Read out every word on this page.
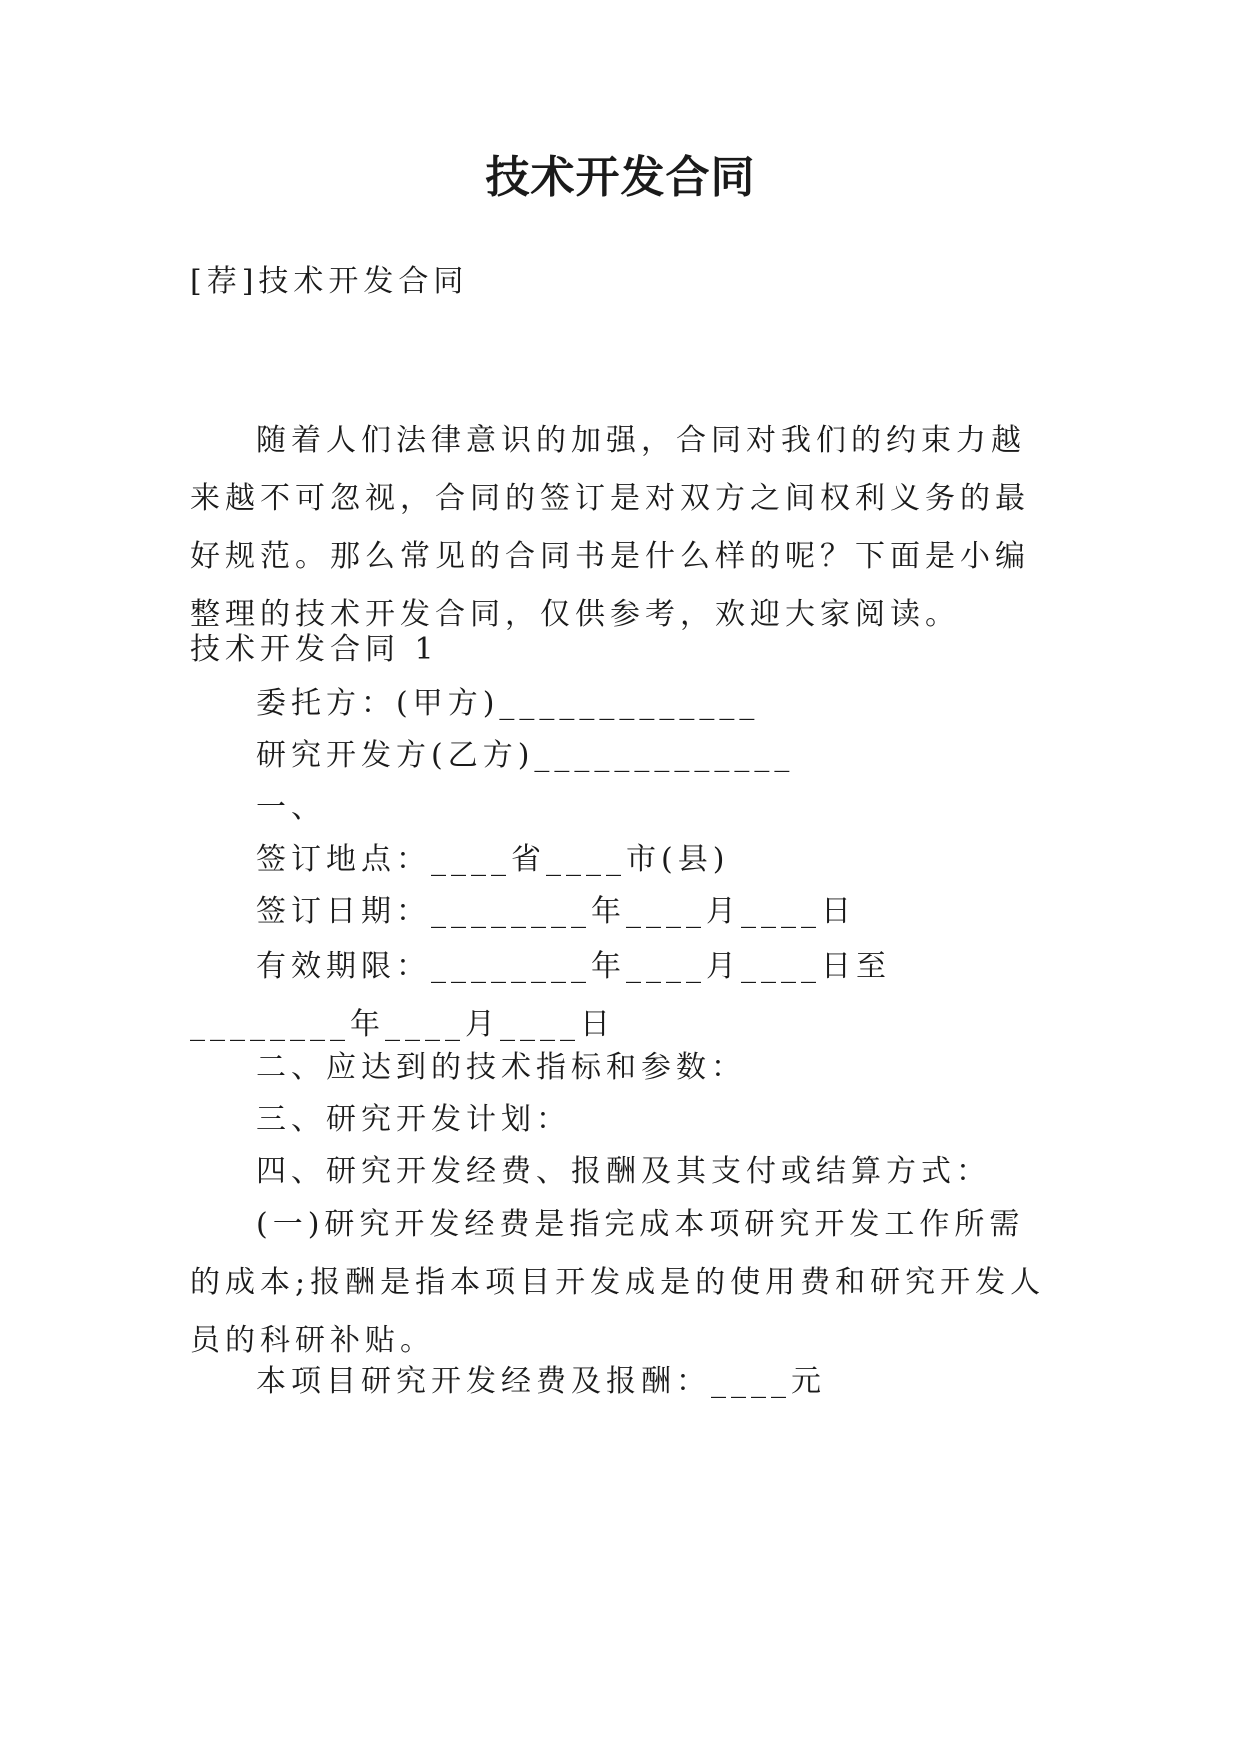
技术开发合同
[荐]技术开发合同
随着人们法律意识的加强，合同对我们的约束力越来越不可忽视，合同的签订是对双方之间权利义务的最好规范。那么常见的合同书是什么样的呢？下面是小编整理的技术开发合同，仅供参考，欢迎大家阅读。
技术开发合同 1
委托方：(甲方)_____________
研究开发方(乙方)_____________
一、
签订地点：____省____市(县)
签订日期：________年____月____日
有效期限：________年____月____日至________年____月____日
二、应达到的技术指标和参数：
三、研究开发计划：
四、研究开发经费、报酬及其支付或结算方式：
(一)研究开发经费是指完成本项研究开发工作所需的成本;报酬是指本项目开发成是的使用费和研究开发人员的科研补贴。
本项目研究开发经费及报酬：____元
